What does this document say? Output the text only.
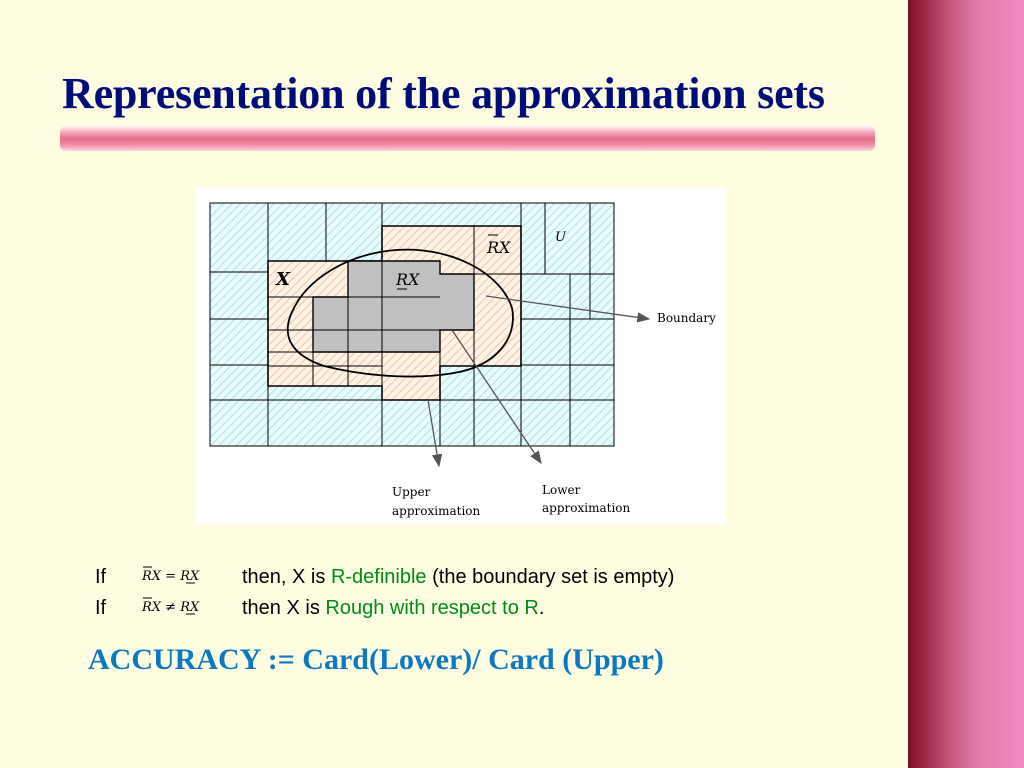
Representation of the approximation sets
X	RX
RX
U
Boundary
Upper
approximation
Lower
approximation
If	RX = RX then, X is R-definible (the boundary set is empty)
If	RX ≠ RX then X is Rough with respect to R.

ACCURACY := Card(Lower)/ Card (Upper)
